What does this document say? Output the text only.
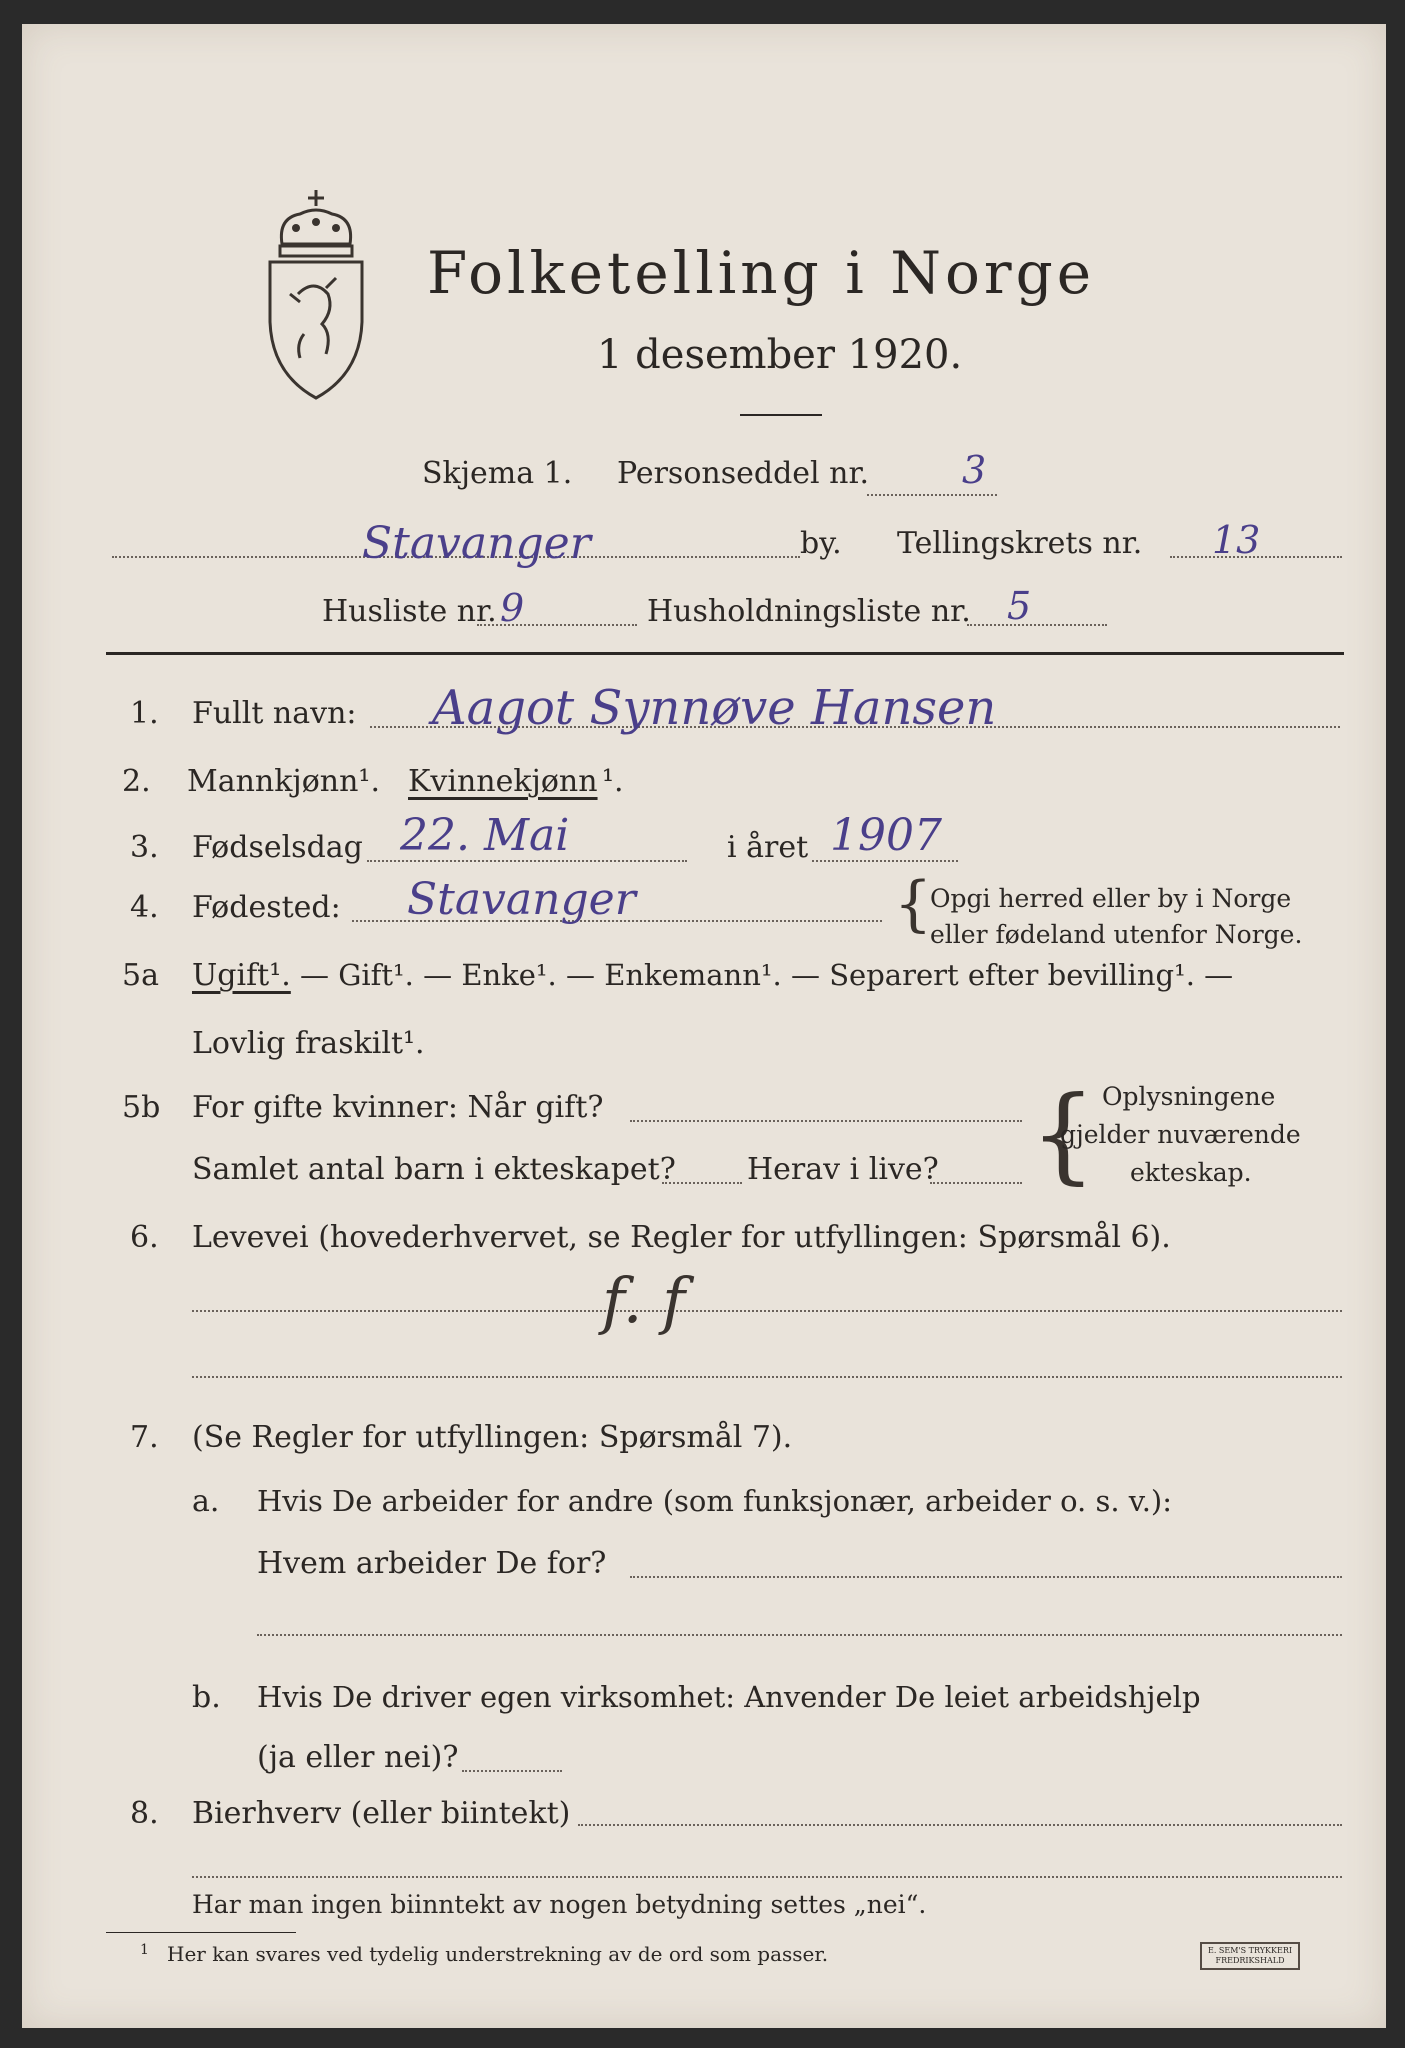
Folketelling i Norge
1 desember 1920.
Skjema 1. Personseddel nr. 3
Stavanger	by. Tellingskrets nr. 13
Husliste nr. 9	Husholdningsliste nr. 5
1. Fullt navn: Aagot Synnøve Hansen
2. Mannkjønn¹. Kvinnekjønn ¹.
3. Fødselsdag 22. Mai	i året 1907
4. Fødested: Stavanger	{
Opgi herred eller by i Norge
eller fødeland utenfor Norge.
5a Ugift¹. — Gift¹. — Enke¹. — Enkemann¹. — Separert efter bevilling¹. —
Lovlig fraskilt¹.
5b For gifte kvinner: Når gift?
Samlet antal barn i ekteskapet? Herav i live? { Oplysningene
gjelder nuværende
ekteskap.
6. Levevei (hovederhvervet, se Regler for utfyllingen: Spørsmål 6).
f. f
7. (Se Regler for utfyllingen: Spørsmål 7).
a. Hvis De arbeider for andre (som funksjonær, arbeider o. s. v.):
Hvem arbeider De for?
b. Hvis De driver egen virksomhet: Anvender De leiet arbeidshjelp
(ja eller nei)?
8. Bierhverv (eller biintekt)
Har man ingen biinntekt av nogen betydning settes „nei“.
1 Her kan svares ved tydelig understrekning av de ord som passer.	E. SEM'S TRYKKERI
FREDRIKSHALD
